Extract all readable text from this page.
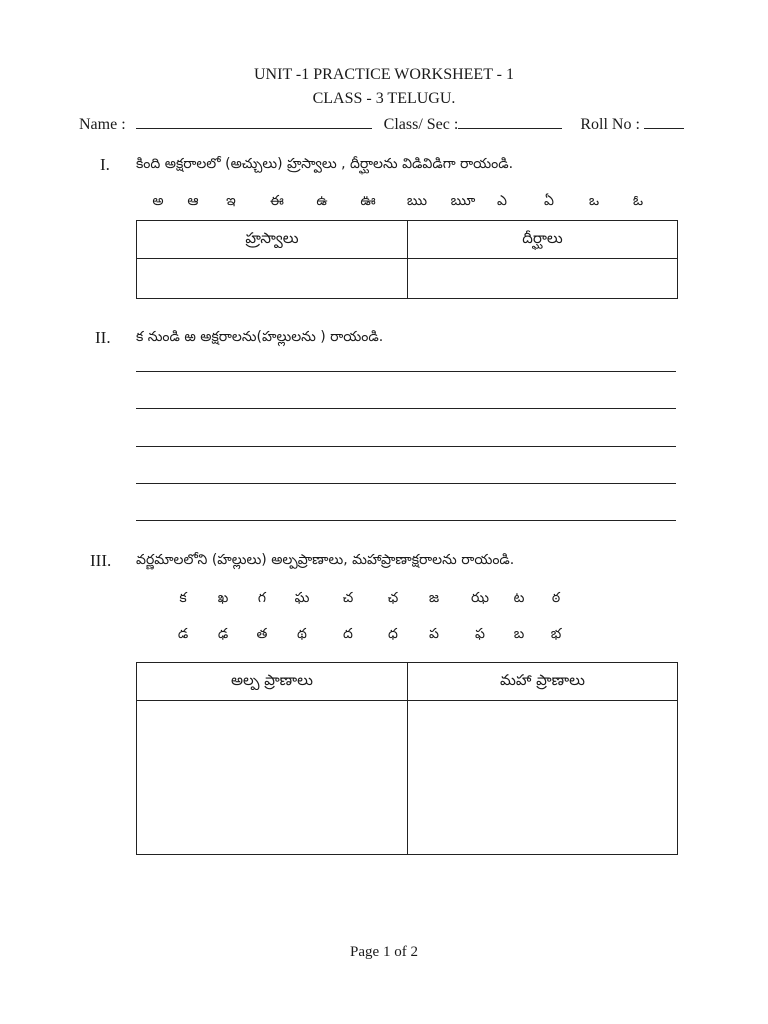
UNIT -1 PRACTICE WORKSHEET - 1
CLASS - 3 TELUGU.
Name :	Class/ Sec :	Roll No :
I. కింది అక్షరాలలో (అచ్చులు) హ్రస్వాలు , దీర్ఘాలను విడివిడిగా రాయండి.
అ ఆ ఇ ఈ ఉ ఊ ఋ ౠ ఎ	ఏ ఒ ఓ
హ్రస్వాలు	దీర్ఘాలు

II. క నుండి ఱ అక్షరాలను(హల్లులను ) రాయండి.
III. వర్ణమాలలోని (హల్లులు) అల్పప్రాణాలు, మహాప్రాణాక్షరాలను రాయండి.
క ఖ గ ఘ చ ఛ జ ఝ ట ఠ
డ ఢ త థ	ద	ధ ప	ఫ బ భ
అల్ప ప్రాణాలు	మహా ప్రాణాలు

Page 1 of 2
